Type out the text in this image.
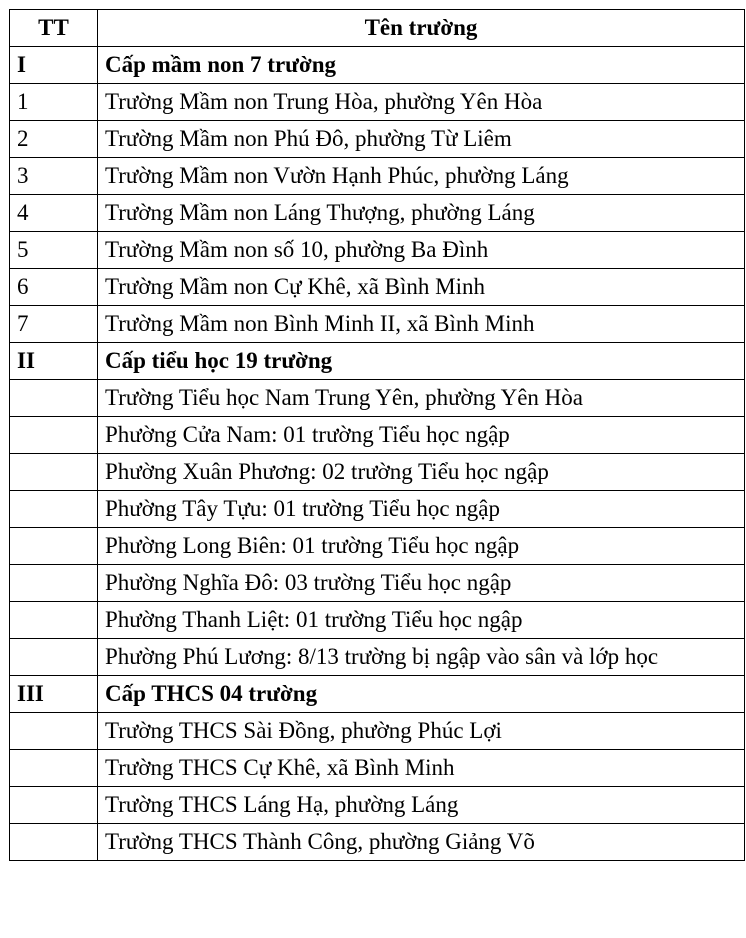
TT	Tên trường
I	Cấp mầm non 7 trường
1	Trường Mầm non Trung Hòa, phường Yên Hòa
2	Trường Mầm non Phú Đô, phường Từ Liêm
3	Trường Mầm non Vườn Hạnh Phúc, phường Láng
4	Trường Mầm non Láng Thượng, phường Láng
5	Trường Mầm non số 10, phường Ba Đình
6	Trường Mầm non Cự Khê, xã Bình Minh
7	Trường Mầm non Bình Minh II, xã Bình Minh
II	Cấp tiểu học 19 trường
	Trường Tiểu học Nam Trung Yên, phường Yên Hòa
	Phường Cửa Nam: 01 trường Tiểu học ngập
	Phường Xuân Phương: 02 trường Tiểu học ngập
	Phường Tây Tựu: 01 trường Tiểu học ngập
	Phường Long Biên: 01 trường Tiểu học ngập
	Phường Nghĩa Đô: 03 trường Tiểu học ngập
	Phường Thanh Liệt: 01 trường Tiểu học ngập
	Phường Phú Lương: 8/13 trường bị ngập vào sân và lớp học
III	Cấp THCS 04 trường
	Trường THCS Sài Đồng, phường Phúc Lợi
	Trường THCS Cự Khê, xã Bình Minh
	Trường THCS Láng Hạ, phường Láng
	Trường THCS Thành Công, phường Giảng Võ
